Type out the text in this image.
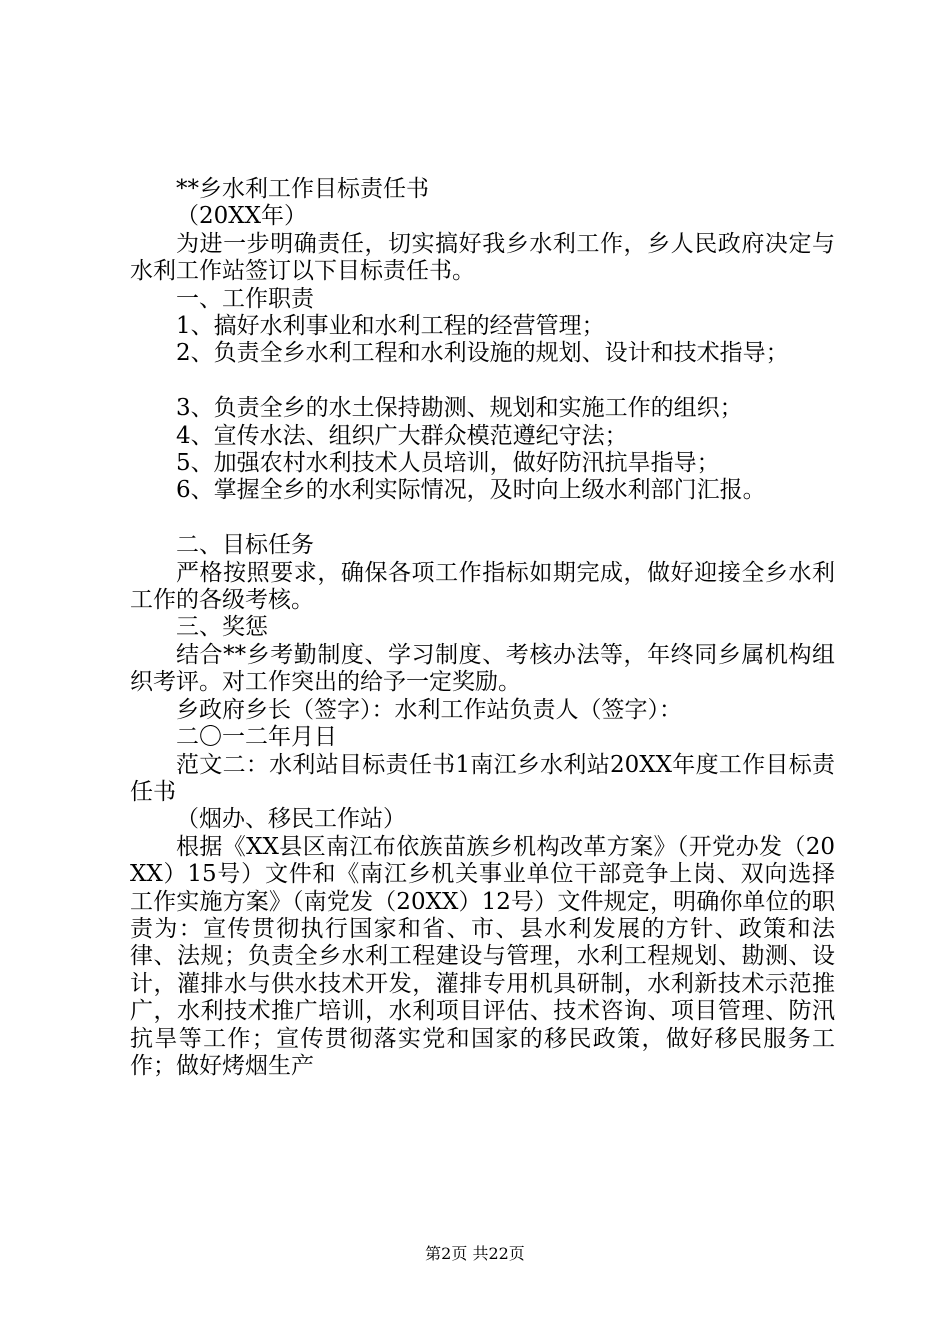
**乡水利工作目标责任书

（20XX年）

为进一步明确责任，切实搞好我乡水利工作，乡人民政府决定与水利工作站签订以下目标责任书。

一、工作职责

1、搞好水利事业和水利工程的经营管理；

2、负责全乡水利工程和水利设施的规划、设计和技术指导；

3、负责全乡的水土保持勘测、规划和实施工作的组织；

4、宣传水法、组织广大群众模范遵纪守法；

5、加强农村水利技术人员培训，做好防汛抗旱指导；

6、掌握全乡的水利实际情况，及时向上级水利部门汇报。

二、目标任务

严格按照要求，确保各项工作指标如期完成，做好迎接全乡水利工作的各级考核。

三、奖惩

结合**乡考勤制度、学习制度、考核办法等，年终同乡属机构组织考评。对工作突出的给予一定奖励。

乡政府乡长（签字）：水利工作站负责人（签字）：

二〇一二年月日

范文二：水利站目标责任书1南江乡水利站20XX年度工作目标责任书

（烟办、移民工作站）

根据《XX县区南江布依族苗族乡机构改革方案》（开党办发（20XX）15号）文件和《南江乡机关事业单位干部竞争上岗、双向选择工作实施方案》（南党发（20XX）12号）文件规定，明确你单位的职责为：宣传贯彻执行国家和省、市、县水利发展的方针、政策和法律、法规；负责全乡水利工程建设与管理，水利工程规划、勘测、设计，灌排水与供水技术开发，灌排专用机具研制，水利新技术示范推广，水利技术推广培训，水利项目评估、技术咨询、项目管理、防汛抗旱等工作；宣传贯彻落实党和国家的移民政策，做好移民服务工作；做好烤烟生产

第2页 共22页
